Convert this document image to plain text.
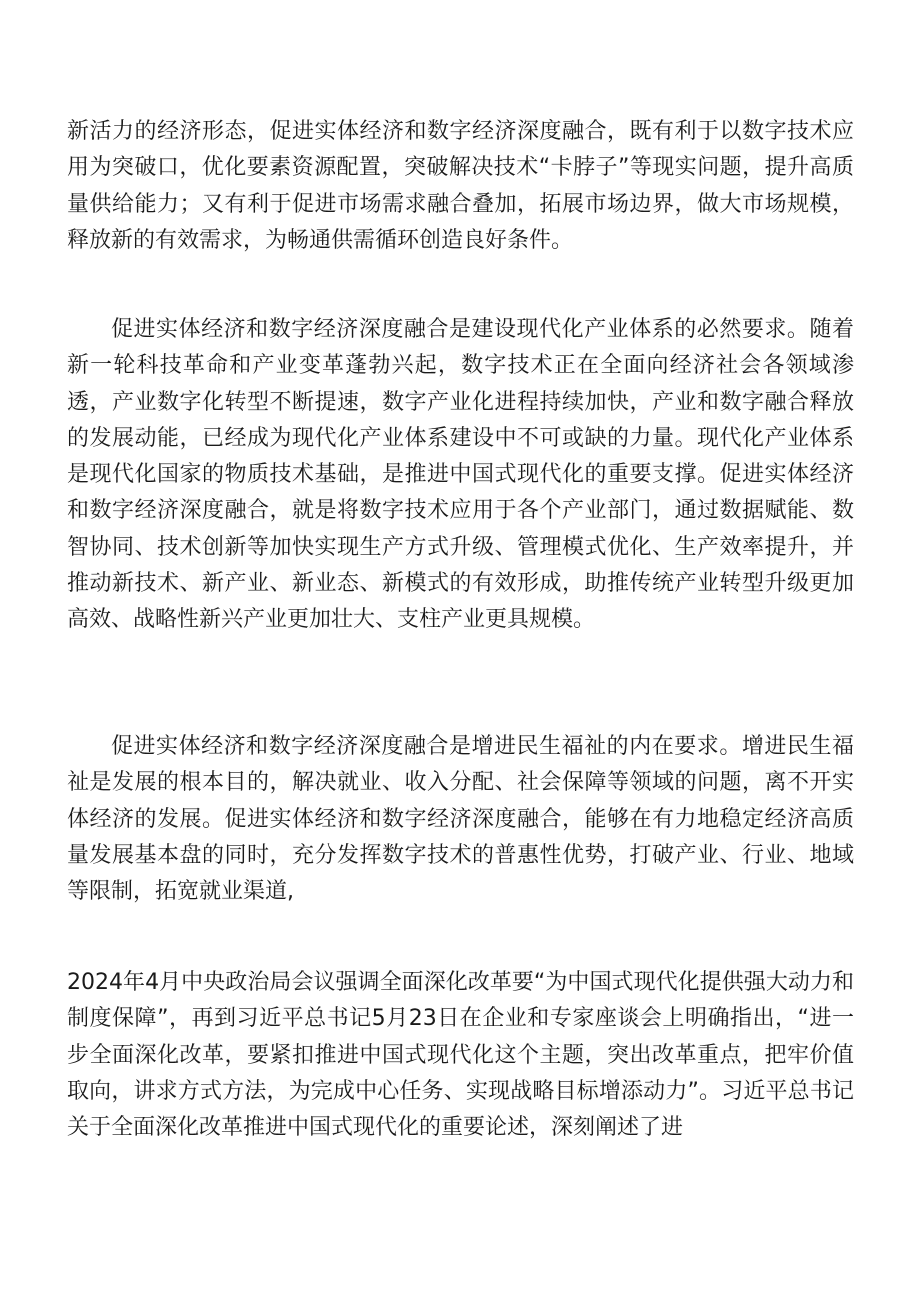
新活力的经济形态，促进实体经济和数字经济深度融合，既有利于以数字技术应用为突破口，优化要素资源配置，突破解决技术“卡脖子”等现实问题，提升高质量供给能力；又有利于促进市场需求融合叠加，拓展市场边界，做大市场规模，释放新的有效需求，为畅通供需循环创造良好条件。

促进实体经济和数字经济深度融合是建设现代化产业体系的必然要求。随着新一轮科技革命和产业变革蓬勃兴起，数字技术正在全面向经济社会各领域渗透，产业数字化转型不断提速，数字产业化进程持续加快，产业和数字融合释放的发展动能，已经成为现代化产业体系建设中不可或缺的力量。现代化产业体系是现代化国家的物质技术基础，是推进中国式现代化的重要支撑。促进实体经济和数字经济深度融合，就是将数字技术应用于各个产业部门，通过数据赋能、数智协同、技术创新等加快实现生产方式升级、管理模式优化、生产效率提升，并推动新技术、新产业、新业态、新模式的有效形成，助推传统产业转型升级更加高效、战略性新兴产业更加壮大、支柱产业更具规模。

促进实体经济和数字经济深度融合是增进民生福祉的内在要求。增进民生福祉是发展的根本目的，解决就业、收入分配、社会保障等领域的问题，离不开实体经济的发展。促进实体经济和数字经济深度融合，能够在有力地稳定经济高质量发展基本盘的同时，充分发挥数字技术的普惠性优势，打破产业、行业、地域等限制，拓宽就业渠道,

2024年4月中央政治局会议强调全面深化改革要“为中国式现代化提供强大动力和制度保障”，再到习近平总书记5月23日在企业和专家座谈会上明确指出，“进一步全面深化改革，要紧扣推进中国式现代化这个主题，突出改革重点，把牢价值取向，讲求方式方法，为完成中心任务、实现战略目标增添动力”。习近平总书记关于全面深化改革推进中国式现代化的重要论述，深刻阐述了进
